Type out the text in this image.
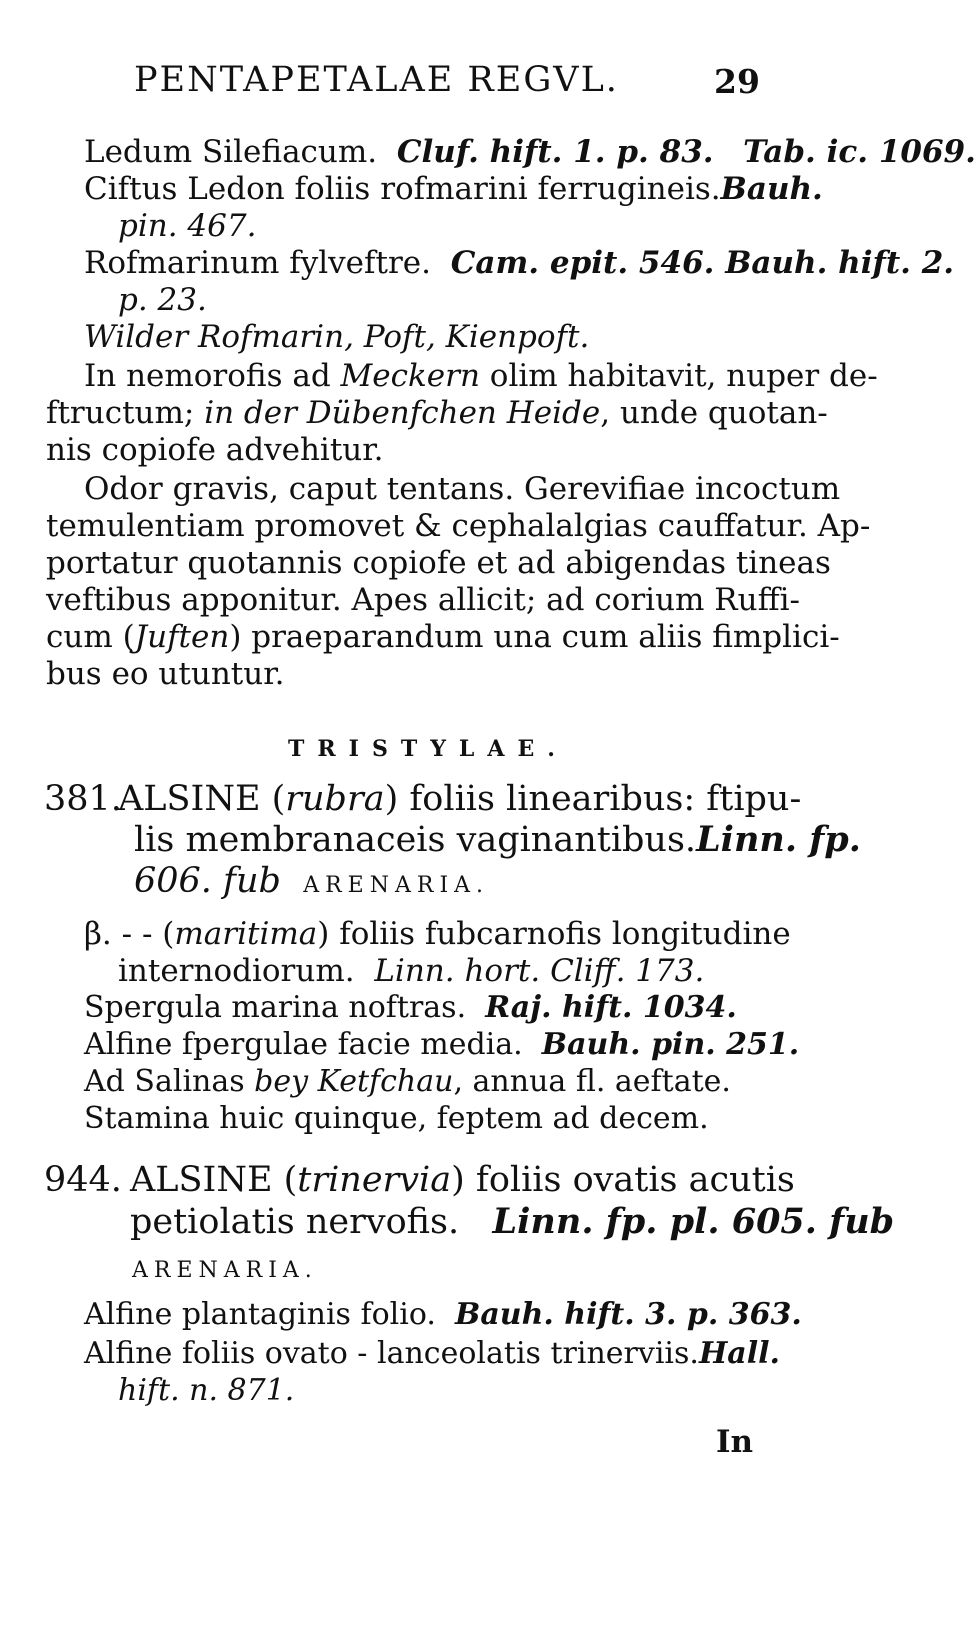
PENTAPETALAE REGVL.	29
Ledum Silefiacum. Cluf. hift. 1. p. 83. Tab. ic. 1069.
Ciftus Ledon foliis rofmarini ferrugineis. Bauh.
pin. 467.
Rofmarinum fylveftre. Cam. epit. 546. Bauh. hift. 2.
p. 23.
Wilder Rofmarin, Poft, Kienpoft.
In nemorofis ad Meckern olim habitavit, nuper de-
ftructum; in der Dübenfchen Heide , unde quotan-
nis copiofe advehitur.
Odor gravis, caput tentans. Gerevifiae incoctum
temulentiam promovet & cephalalgias cauffatur. Ap-
portatur quotannis copiofe et ad abigendas tineas
veftibus apponitur. Apes allicit; ad corium Ruffi-
cum (Juften) praeparandum una cum aliis fimplici-
bus eo utuntur.
TRISTYLAE.
381.
ALSINE (rubra) foliis linearibus: ftipu-
lis membranaceis vaginantibus. Linn. fp.
606. fub ARENARIA.
β. - - (maritima) foliis fubcarnofis longitudine
internodiorum. Linn. hort. Cliff. 173.
Spergula marina noftras. Raj. hift. 1034.
Alfine fpergulae facie media. Bauh. pin. 251.
Ad Salinas bey Ketfchau, annua fl. aeftate.
Stamina huic quinque, feptem ad decem.
944. ALSINE (trinervia) foliis ovatis acutis
petiolatis nervofis. Linn. fp. pl. 605. fub
ARENARIA.
Alfine plantaginis folio. Bauh. hift. 3. p. 363.
Alfine foliis ovato - lanceolatis trinerviis. Hall.
hift. n. 871.
In
